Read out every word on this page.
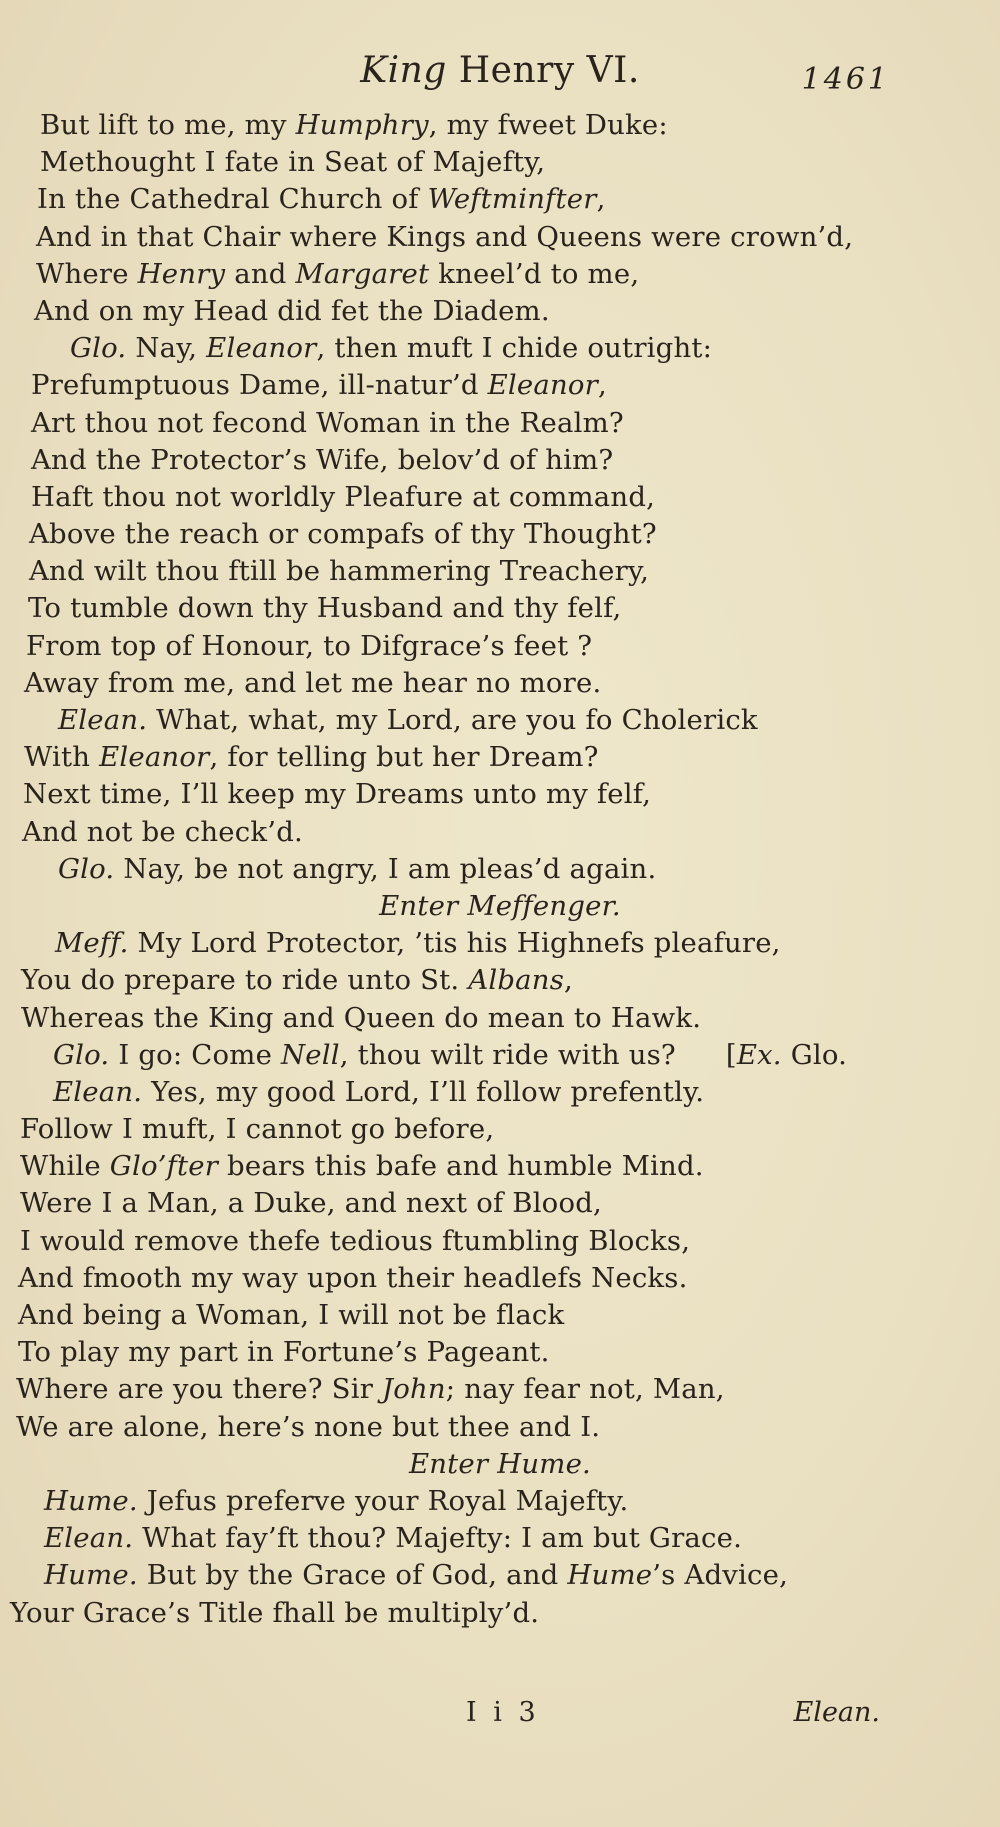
King Henry VI.	1461
But lift to me, my Humphry, my fweet Duke:
Methought I fate in Seat of Majefty,
In the Cathedral Church of Weftminfter,
And in that Chair where Kings and Queens were crown’d,
Where Henry and Margaret kneel’d to me,
And on my Head did fet the Diadem.
Glo. Nay, Eleanor, then muft I chide outright:
Prefumptuous Dame, ill-natur’d Eleanor,
Art thou not fecond Woman in the Realm?
And the Protector’s Wife, belov’d of him?
Haft thou not worldly Pleafure at command,
Above the reach or compafs of thy Thought?
And wilt thou ftill be hammering Treachery,
To tumble down thy Husband and thy felf,
From top of Honour, to Difgrace’s feet ?
Away from me, and let me hear no more.
Elean. What, what, my Lord, are you fo Cholerick
With Eleanor, for telling but her Dream?
Next time, I’ll keep my Dreams unto my felf,
And not be check’d.
Glo. Nay, be not angry, I am pleas’d again.
Enter Meffenger.
Meff. My Lord Protector, ’tis his Highnefs pleafure,
You do prepare to ride unto St. Albans,
Whereas the King and Queen do mean to Hawk.
Glo. I go: Come Nell, thou wilt ride with us? [Ex. Glo.
Elean. Yes, my good Lord, I’ll follow prefently.
Follow I muft, I cannot go before,
While Glo’fter bears this bafe and humble Mind.
Were I a Man, a Duke, and next of Blood,
I would remove thefe tedious ftumbling Blocks,
And fmooth my way upon their headlefs Necks.
And being a Woman, I will not be flack
To play my part in Fortune’s Pageant.
Where are you there? Sir John; nay fear not, Man,
We are alone, here’s none but thee and I.
Enter Hume.
Hume. Jefus preferve your Royal Majefty.
Elean. What fay’ft thou? Majefty: I am but Grace.
Hume. But by the Grace of God, and Hume’s Advice,
Your Grace’s Title fhall be multiply’d.
I i 3	Elean.
